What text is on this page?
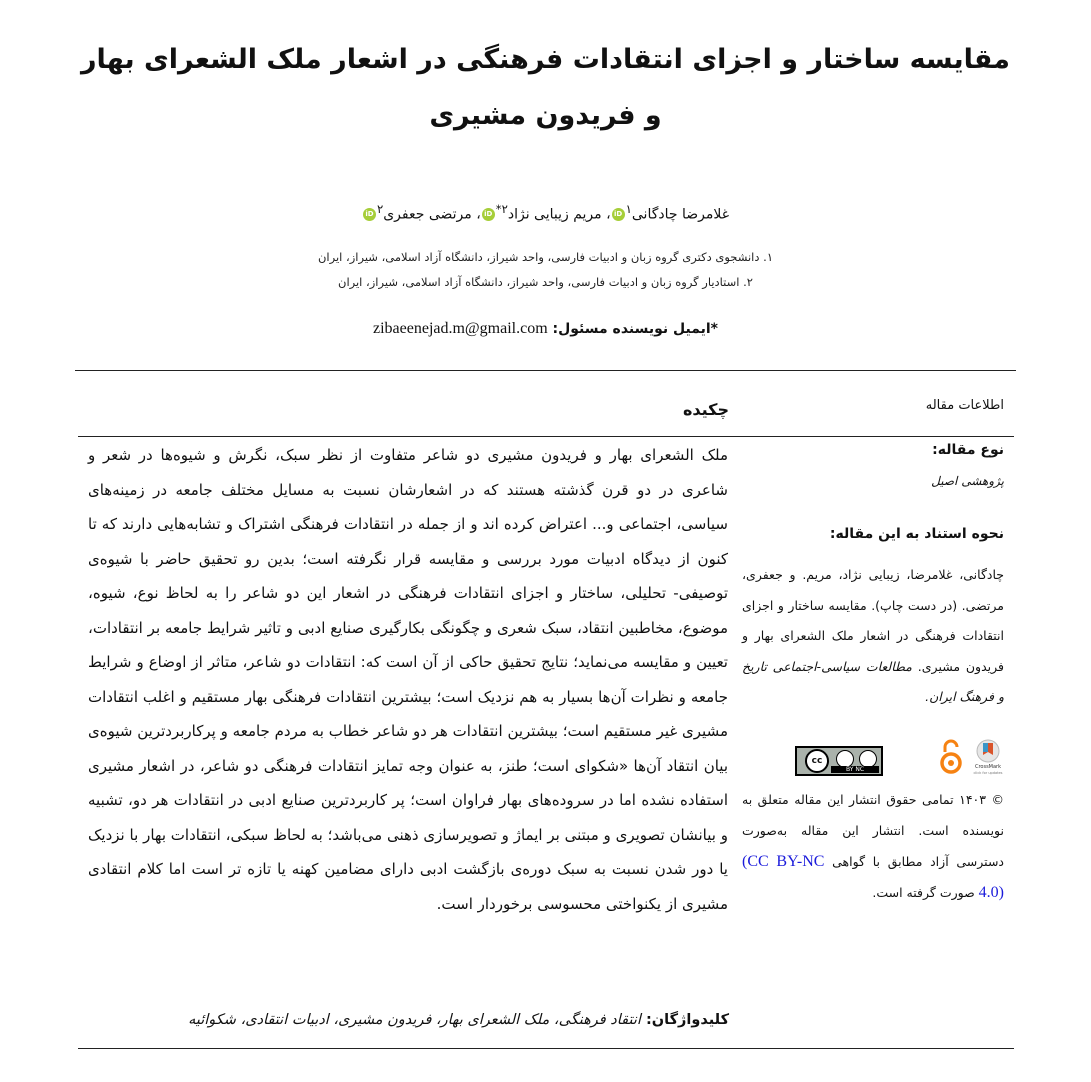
مقایسه ساختار و اجزای انتقادات فرهنگی در اشعار ملک الشعرای بهار و فریدون مشیری
غلامرضا چادگانی$^۱$iD، مریم زیبایی نژاد$^{۲*}$iD، مرتضی جعفری$^۲$iD
۱. دانشجوی دکتری گروه زبان و ادبیات فارسی، واحد شیراز، دانشگاه آزاد اسلامی، شیراز، ایران
۲. استادیار گروه زبان و ادبیات فارسی، واحد شیراز، دانشگاه آزاد اسلامی، شیراز، ایران
*ایمیل نویسنده مسئول: zibaeenejad.m@gmail.com
اطلاعات مقاله
چکیده
نوع مقاله:
پژوهشی اصیل
نحوه استناد به این مقاله:
چادگانی، غلامرضا، زیبایی نژاد، مریم. و جعفری، مرتضی. (در دست چاپ). مقایسه ساختار و اجزای انتقادات فرهنگی در اشعار ملک الشعرای بهار و فریدون مشیری. مطالعات سیاسی-اجتماعی تاریخ و فرهنگ ایران.
cc
BY NC	CrossMark
click for updates
© ۱۴۰۳ تمامی حقوق انتشار این مقاله متعلق به نویسنده است. انتشار این مقاله به‌صورت دسترسی آزاد مطابق با گواهی (CC BY-NC 4.0) صورت گرفته است.

ملک الشعرای بهار و فریدون مشیری دو شاعر متفاوت از نظر سبک، نگرش و شیوه‌ها در شعر و شاعری در دو قرن گذشته هستند که در اشعارشان نسبت به مسایل مختلف جامعه در زمینه‌های سیاسی، اجتماعی و... اعتراض کرده اند و از جمله در انتقادات فرهنگی اشتراک و تشابه‌هایی دارند که تا کنون از دیدگاه ادبیات مورد بررسی و مقایسه قرار نگرفته است؛ بدین رو تحقیق حاضر با شیوه‌ی توصیفی- تحلیلی، ساختار و اجزای انتقادات فرهنگی در اشعار این دو شاعر را به لحاظ نوع، شیوه، موضوع، مخاطبین انتقاد، سبک شعری و چگونگی بکارگیری صنایع ادبی و تاثیر شرایط جامعه بر انتقادات، تعیین و مقایسه می‌نماید؛ نتایج تحقیق حاکی از آن است که: انتقادات دو شاعر، متاثر از اوضاع و شرایط جامعه و نظرات آن‌ها بسیار به هم نزدیک است؛ بیشترین انتقادات فرهنگی بهار مستقیم و اغلب انتقادات مشیری غیر مستقیم است؛ بیشترین انتقادات هر دو شاعر خطاب به مردم جامعه و پرکاربردترین شیوه‌ی بیان انتقاد آن‌ها «شکوای است؛ طنز، به عنوان وجه تمایز انتقادات فرهنگی دو شاعر، در اشعار مشیری استفاده نشده اما در سروده‌های بهار فراوان است؛ پر کاربردترین صنایع ادبی در انتقادات هر دو، تشبیه و بیانشان تصویری و مبتنی بر ایماژ و تصویرسازی ذهنی می‌باشد؛ به لحاظ سبکی، انتقادات بهار با نزدیک یا دور شدن نسبت به سبک دوره‌ی بازگشت ادبی دارای مضامین کهنه یا تازه تر است اما کلام انتقادی مشیری از یکنواختی محسوسی برخوردار است.

کلیدواژگان: انتقاد فرهنگی، ملک الشعرای بهار، فریدون مشیری، ادبیات انتقادی، شکوائیه
